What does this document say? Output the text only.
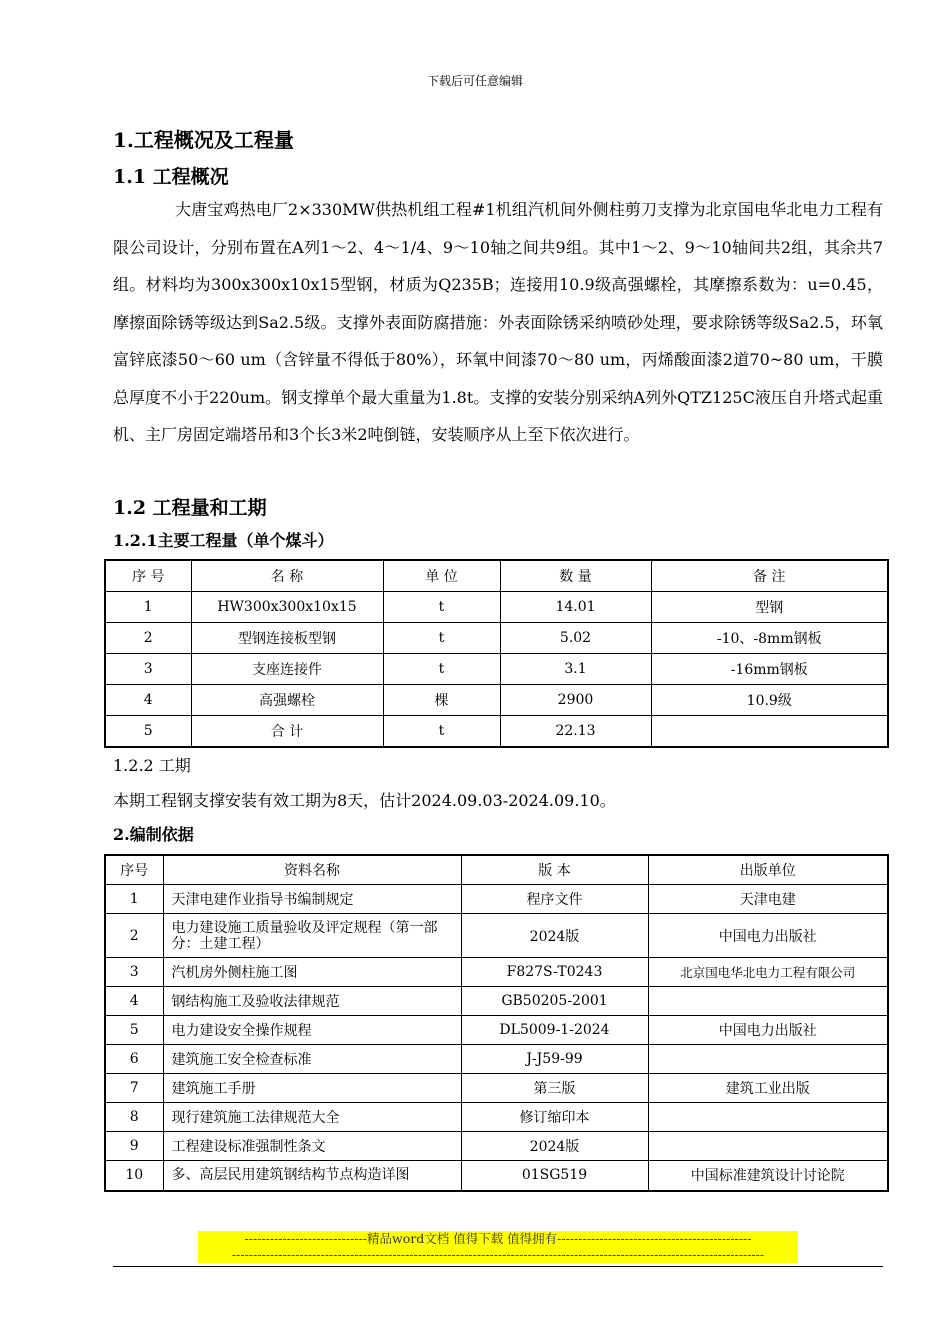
下载后可任意编辑
1.工程概况及工程量
1.1 工程概况
大唐宝鸡热电厂2×330MW供热机组工程#1机组汽机间外侧柱剪刀支撑为北京国电华北电力工程有限公司设计，分别布置在A列1～2、4～1/4、9～10轴之间共9组。其中1～2、9～10轴间共2组，其余共7组。材料均为300x300x10x15型钢，材质为Q235B；连接用10.9级高强螺栓，其摩擦系数为：u=0.45，摩擦面除锈等级达到Sa2.5级。支撑外表面防腐措施：外表面除锈采纳喷砂处理，要求除锈等级Sa2.5，环氧富锌底漆50～60 um（含锌量不得低于80%），环氧中间漆70～80 um，丙烯酸面漆2道70~80 um，干膜总厚度不小于220um。钢支撑单个最大重量为1.8t。支撑的安装分别采纳A列外QTZ125C液压自升塔式起重机、主厂房固定端塔吊和3个长3米2吨倒链，安装顺序从上至下依次进行。
1.2 工程量和工期
1.2.1主要工程量（单个煤斗）
序 号	名 称	单 位	数 量	备 注
1	HW300x300x10x15	t	14.01	型钢
2	型钢连接板型钢	t	5.02	-10、-8mm钢板
3	支座连接件	t	3.1	-16mm钢板
4	高强螺栓	棵	2900	10.9级
5	合 计	t	22.13	
1.2.2 工期
本期工程钢支撑安装有效工期为8天，估计2024.09.03-2024.09.10。
2.编制依据
序号	资料名称	版 本	出版单位
1	天津电建作业指导书编制规定	程序文件	天津电建
2	电力建设施工质量验收及评定规程（第一部分：土建工程）	2024版	中国电力出版社
3	汽机房外侧柱施工图	F827S-T0243	北京国电华北电力工程有限公司
4	钢结构施工及验收法律规范	GB50205-2001	
5	电力建设安全操作规程	DL5009-1-2024	中国电力出版社
6	建筑施工安全检查标准	J-J59-99	
7	建筑施工手册	第三版	建筑工业出版
8	现行建筑施工法律规范大全	修订缩印本	
9	工程建设标准强制性条文	2024版	
10	多、高层民用建筑钢结构节点构造详图	01SG519	中国标准建筑设计讨论院
-----------------------------精品word文档 值得下载 值得拥有----------------------------------------------
------------------------------------------------------------------------------------------------------------------------------
